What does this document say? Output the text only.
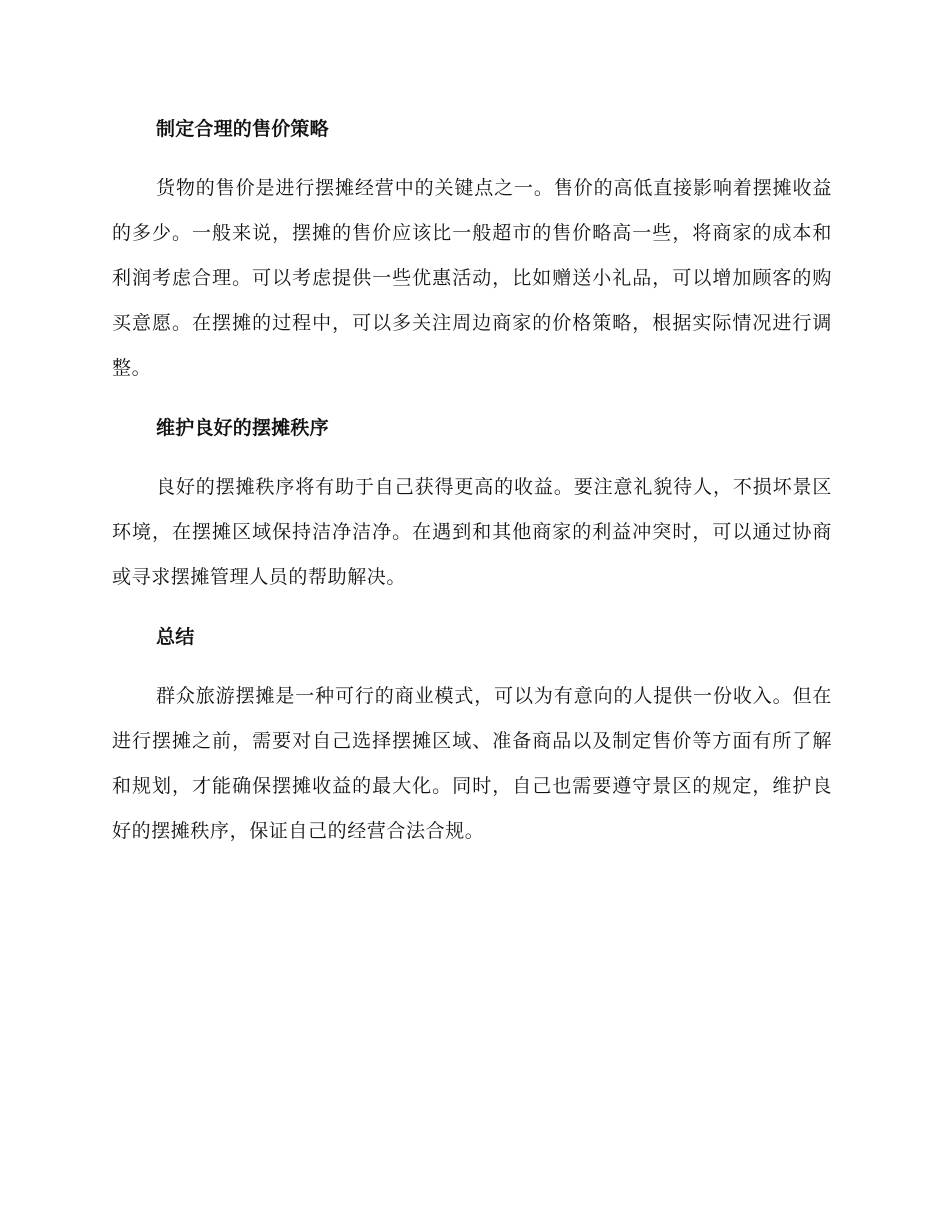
制定合理的售价策略

货物的售价是进行摆摊经营中的关键点之一。售价的高低直接影响着摆摊收益的多少。一般来说，摆摊的售价应该比一般超市的售价略高一些，将商家的成本和利润考虑合理。可以考虑提供一些优惠活动，比如赠送小礼品，可以增加顾客的购买意愿。在摆摊的过程中，可以多关注周边商家的价格策略，根据实际情况进行调整。

维护良好的摆摊秩序

良好的摆摊秩序将有助于自己获得更高的收益。要注意礼貌待人，不损坏景区环境，在摆摊区域保持洁净洁净。在遇到和其他商家的利益冲突时，可以通过协商或寻求摆摊管理人员的帮助解决。

总结

群众旅游摆摊是一种可行的商业模式，可以为有意向的人提供一份收入。但在进行摆摊之前，需要对自己选择摆摊区域、准备商品以及制定售价等方面有所了解和规划，才能确保摆摊收益的最大化。同时，自己也需要遵守景区的规定，维护良好的摆摊秩序，保证自己的经营合法合规。
